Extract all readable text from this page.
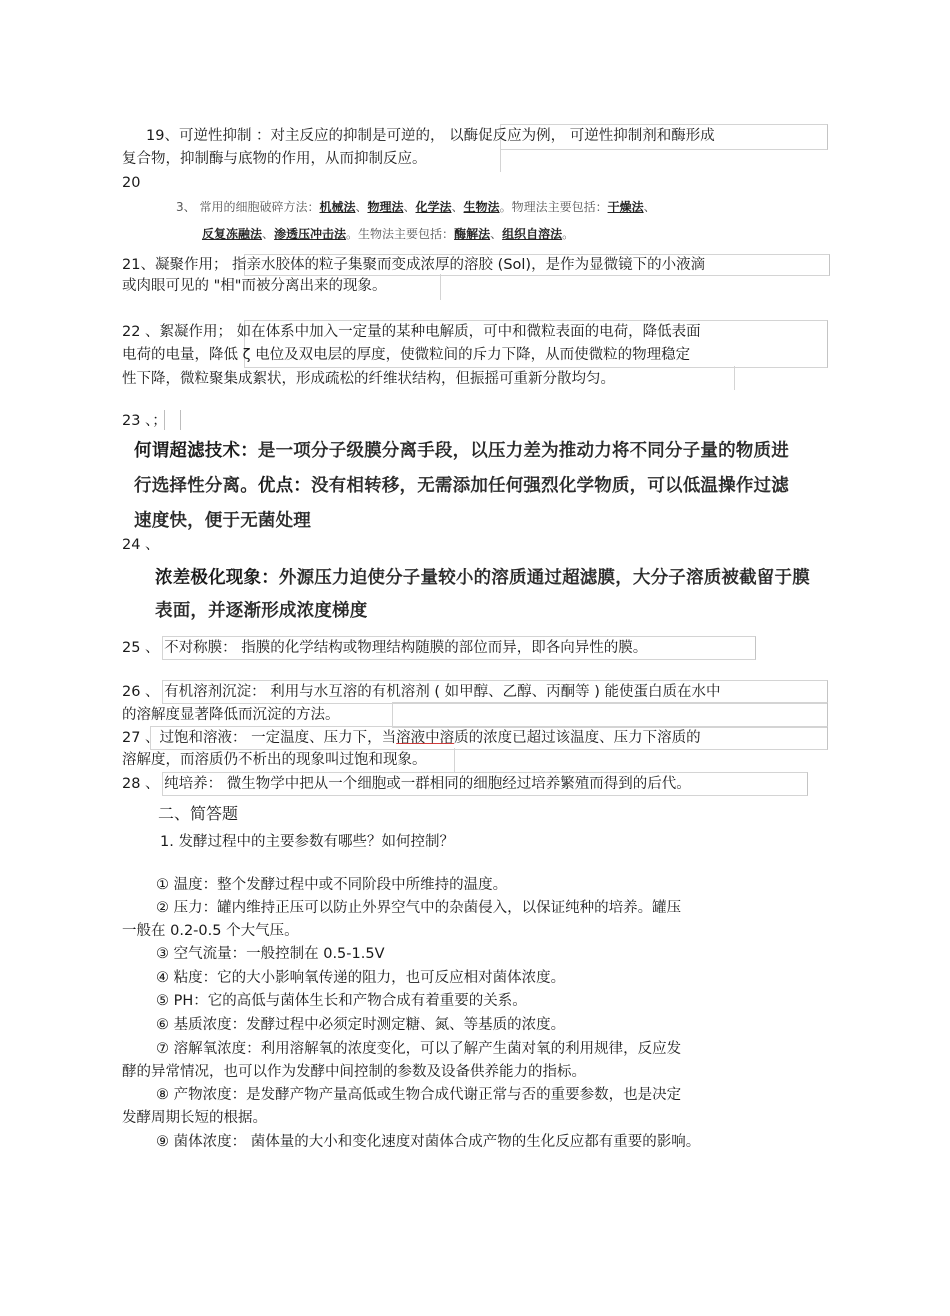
19、可逆性抑制 ：对主反应的抑制是可逆的， 以酶促反应为例， 可逆性抑制剂和酶形成
复合物，抑制酶与底物的作用，从而抑制反应。
20
3、 常用的细胞破碎方法：机械法、物理法、化学法、生物法。物理法主要包括：干燥法、
反复冻融法、渗透压冲击法。生物法主要包括：酶解法、组织自溶法。
21、凝聚作用； 指亲水胶体的粒子集聚而变成浓厚的溶胶 (Sol)，是作为显微镜下的小液滴
或肉眼可见的 "相"而被分离出来的现象。
22 、絮凝作用； 如在体系中加入一定量的某种电解质，可中和微粒表面的电荷，降低表面
电荷的电量，降低 ζ 电位及双电层的厚度，使微粒间的斥力下降，从而使微粒的物理稳定
性下降，微粒聚集成絮状，形成疏松的纤维状结构，但振摇可重新分散均匀。
23 、；
何谓超滤技术：是一项分子级膜分离手段，以压力差为推动力将不同分子量的物质进
行选择性分离。优点：没有相转移，无需添加任何强烈化学物质，可以低温操作过滤
速度快，便于无菌处理
24 、
浓差极化现象：外源压力迫使分子量较小的溶质通过超滤膜，大分子溶质被截留于膜
表面，并逐渐形成浓度梯度
25 、 不对称膜： 指膜的化学结构或物理结构随膜的部位而异，即各向异性的膜。
26 、 有机溶剂沉淀： 利用与水互溶的有机溶剂 ( 如甲醇、乙醇、丙酮等 ) 能使蛋白质在水中
的溶解度显著降低而沉淀的方法。
27 、过饱和溶液： 一定温度、压力下，当溶液中溶质的浓度已超过该温度、压力下溶质的
溶解度，而溶质仍不析出的现象叫过饱和现象。
28 、 纯培养： 微生物学中把从一个细胞或一群相同的细胞经过培养繁殖而得到的后代。
二、简答题
1. 发酵过程中的主要参数有哪些？如何控制？
① 温度：整个发酵过程中或不同阶段中所维持的温度。
② 压力：罐内维持正压可以防止外界空气中的杂菌侵入，以保证纯种的培养。罐压
一般在 0.2-0.5 个大气压。
③ 空气流量：一般控制在 0.5-1.5V
④ 粘度：它的大小影响氧传递的阻力，也可反应相对菌体浓度。
⑤ PH：它的高低与菌体生长和产物合成有着重要的关系。
⑥ 基质浓度：发酵过程中必须定时测定糖、氮、等基质的浓度。
⑦ 溶解氧浓度：利用溶解氧的浓度变化，可以了解产生菌对氧的利用规律，反应发
酵的异常情况，也可以作为发酵中间控制的参数及设备供养能力的指标。
⑧ 产物浓度：是发酵产物产量高低或生物合成代谢正常与否的重要参数，也是决定
发酵周期长短的根据。
⑨ 菌体浓度： 菌体量的大小和变化速度对菌体合成产物的生化反应都有重要的影响。
